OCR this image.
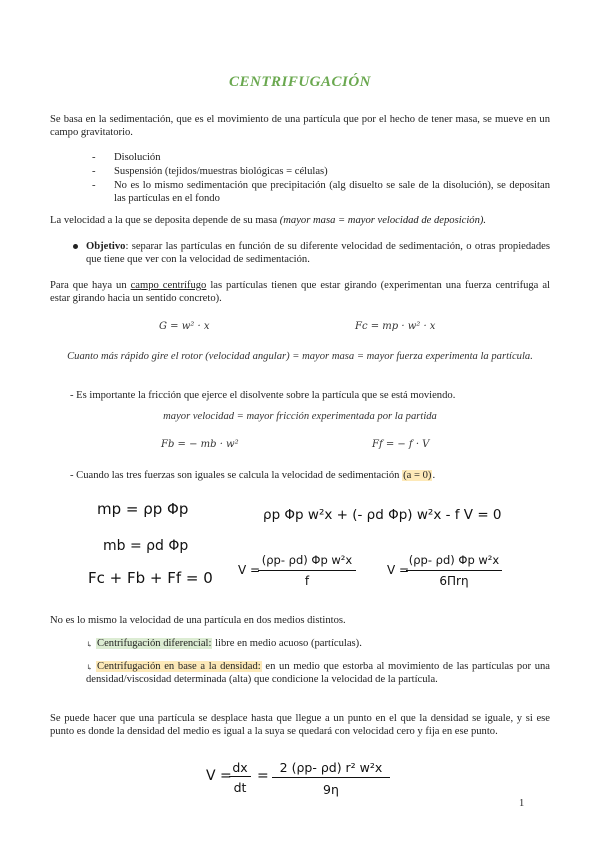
CENTRIFUGACIÓN
Se basa en la sedimentación, que es el movimiento de una partícula que por el hecho de tener masa, se mueve en un campo gravitatorio.
- Disolución
- Suspensión (tejidos/muestras biológicas = células)
- No es lo mismo sedimentación que precipitación (alg disuelto se sale de la disolución), se depositan las partículas en el fondo
La velocidad a la que se deposita depende de su masa (mayor masa = mayor velocidad de deposición).
Objetivo: separar las partículas en función de su diferente velocidad de sedimentación, o otras propiedades que tiene que ver con la velocidad de sedimentación.
Para que haya un campo centrífugo las partículas tienen que estar girando (experimentan una fuerza centrifuga al estar girando hacia un sentido concreto).
G = w² · x	Fc = mp · w² · x
Cuanto más rápido gire el rotor (velocidad angular) = mayor masa = mayor fuerza experimenta la partícula.
- Es importante la fricción que ejerce el disolvente sobre la partícula que se está moviendo.
mayor velocidad = mayor fricción experimentada por la partida
Fb = − mb · w²	Ff = − f · V
- Cuando las tres fuerzas son iguales se calcula la velocidad de sedimentación (a = 0).
mp = ρp Φp
mb = ρd Φp
Fc + Fb + Ff = 0
ρp Φp w²x + (- ρd Φp) w²x - f V = 0
V =
(ρp- ρd) Φp w²x
f
V =
(ρp- ρd) Φp w²x
6Πrη
No es lo mismo la velocidad de una partícula en dos medios distintos.
↳ Centrifugación diferencial: libre en medio acuoso (partículas).
↳ Centrifugación en base a la densidad: en un medio que estorba al movimiento de las partículas por una densidad/viscosidad determinada (alta) que condicione la velocidad de la partícula.
Se puede hacer que una partícula se desplace hasta que llegue a un punto en el que la densidad se iguale, y si ese punto es donde la densidad del medio es igual a la suya se quedará con velocidad cero y fija en ese punto.
V =
dx
dt
=
2 (ρp- ρd) r² w²x
9η
1
